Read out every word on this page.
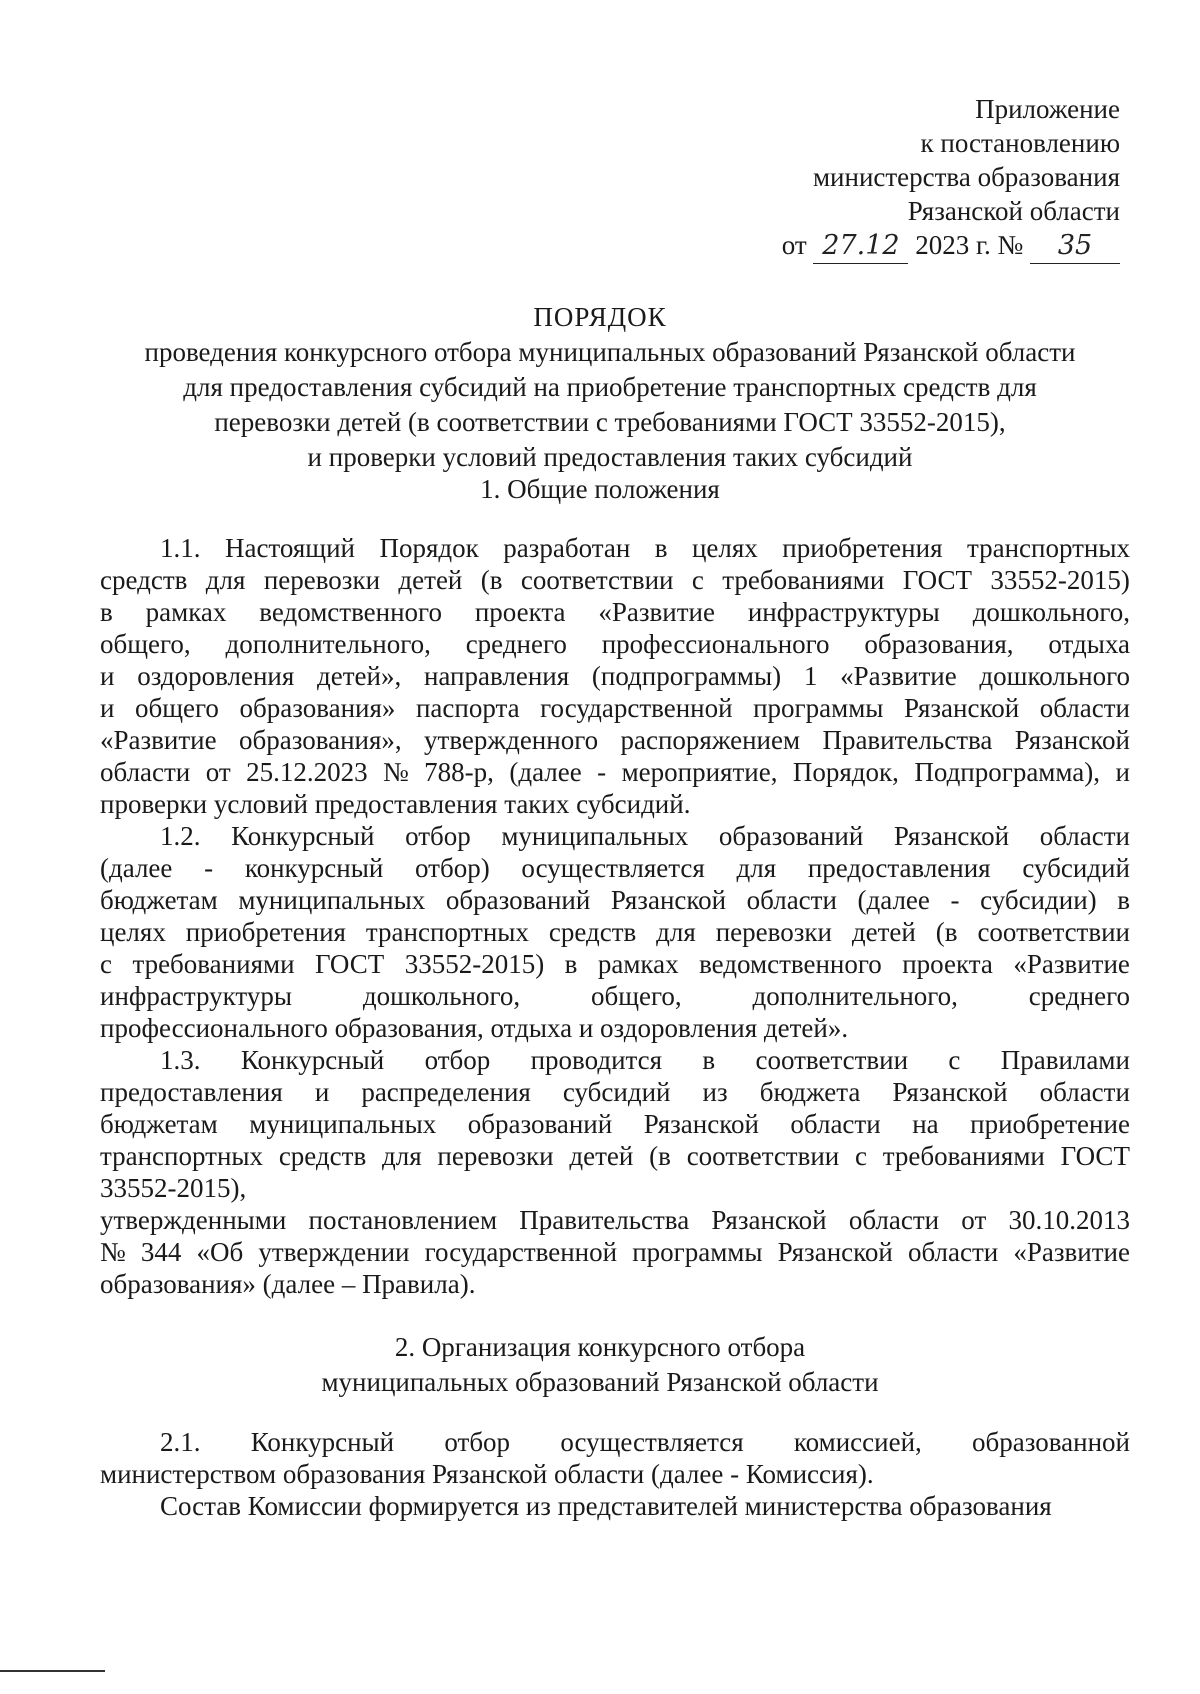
Приложение
к постановлению
министерства образования
Рязанской области
от 27.12 2023 г. № 35
ПОРЯДОК
проведения конкурсного отбора муниципальных образований Рязанской области
для предоставления субсидий на приобретение транспортных средств для
перевозки детей (в соответствии с требованиями ГОСТ 33552-2015),
и проверки условий предоставления таких субсидий
1. Общие положения
1.1. Настоящий Порядок разработан в целях приобретения транспортных
средств для перевозки детей (в соответствии с требованиями ГОСТ 33552-2015)
в рамках ведомственного проекта «Развитие инфраструктуры дошкольного,
общего, дополнительного, среднего профессионального образования, отдыха
и оздоровления детей», направления (подпрограммы) 1 «Развитие дошкольного
и общего образования» паспорта государственной программы Рязанской области
«Развитие образования», утвержденного распоряжением Правительства Рязанской
области от 25.12.2023 № 788-р, (далее - мероприятие, Порядок, Подпрограмма), и
проверки условий предоставления таких субсидий.
1.2. Конкурсный отбор муниципальных образований Рязанской области
(далее - конкурсный отбор) осуществляется для предоставления субсидий
бюджетам муниципальных образований Рязанской области (далее - субсидии) в
целях приобретения транспортных средств для перевозки детей (в соответствии
с требованиями ГОСТ 33552-2015) в рамках ведомственного проекта «Развитие
инфраструктуры	дошкольного,	общего,	дополнительного,	среднего
профессионального образования, отдыха и оздоровления детей».
1.3. Конкурсный отбор проводится в соответствии с Правилами
предоставления и распределения субсидий из бюджета Рязанской области
бюджетам муниципальных образований Рязанской области на приобретение
транспортных средств для перевозки детей (в соответствии с требованиями ГОСТ
33552-2015),
утвержденными постановлением Правительства Рязанской области от 30.10.2013
№ 344 «Об утверждении государственной программы Рязанской области «Развитие
образования» (далее – Правила).
2. Организация конкурсного отбора
муниципальных образований Рязанской области
2.1. Конкурсный отбор осуществляется комиссией, образованной
министерством образования Рязанской области (далее - Комиссия).
Состав Комиссии формируется из представителей министерства образования
